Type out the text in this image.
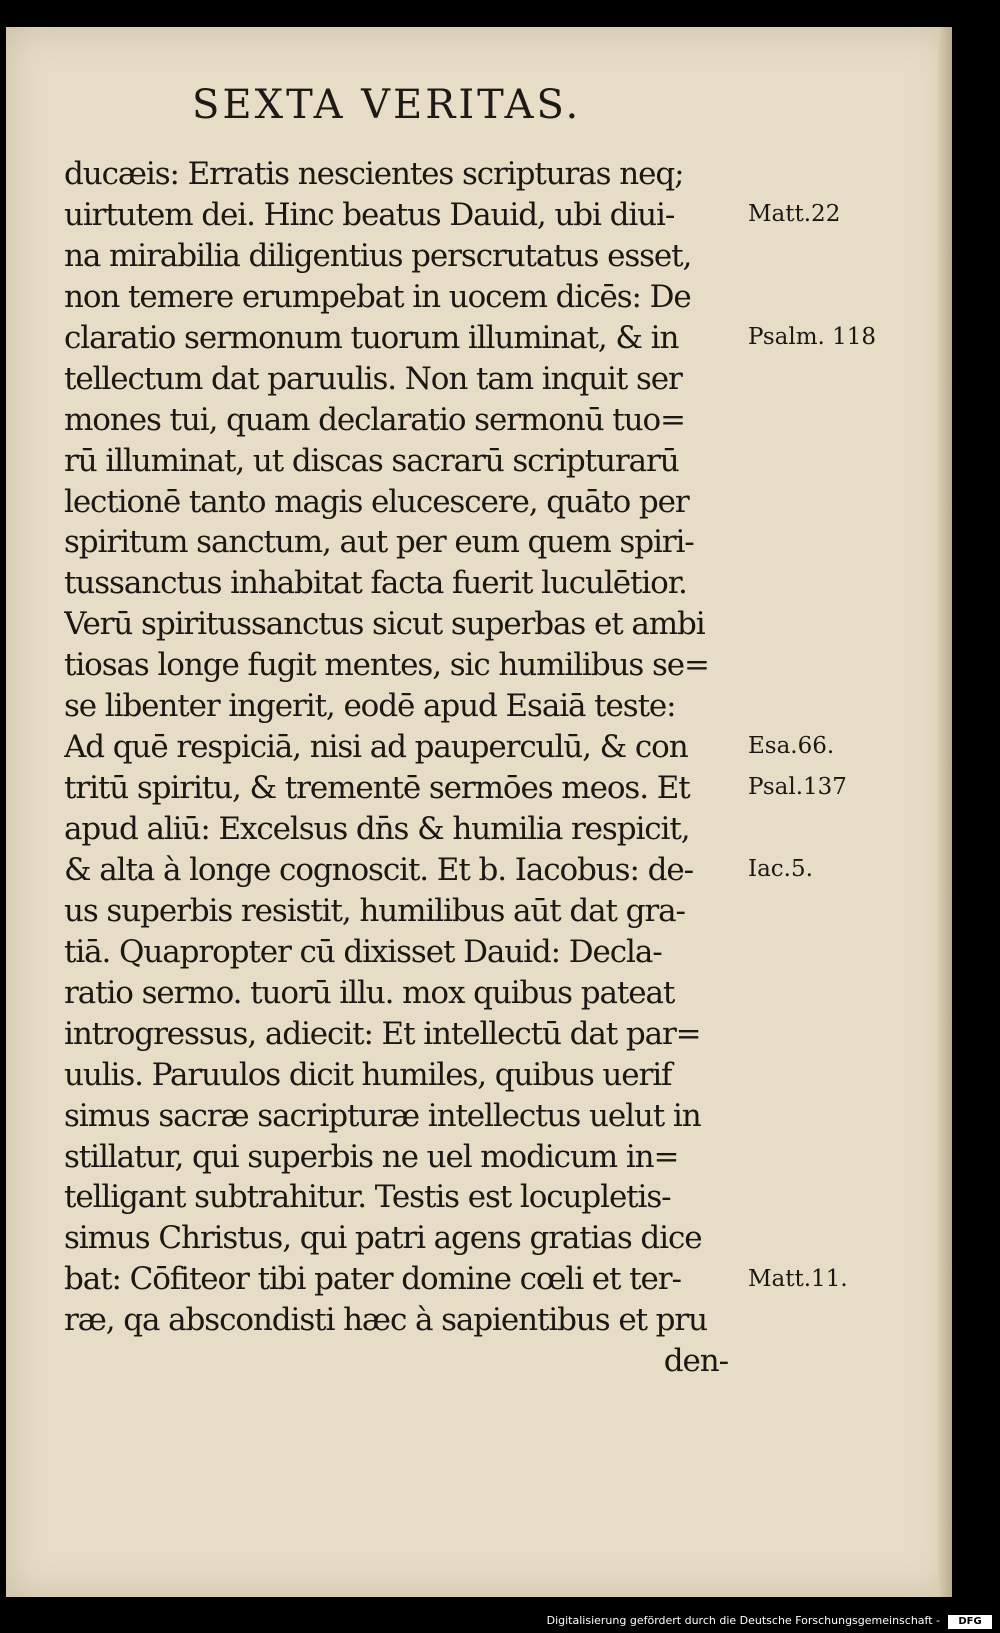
SEXTA VERITAS.
ducæis: Erratis nescientes scripturas neq;
uirtutem dei. Hinc beatus Dauid, ubi diui-
na mirabilia diligentius perscrutatus esset,
non temere erumpebat in uocem dicēs: De
claratio sermonum tuorum illuminat, & in
tellectum dat paruulis. Non tam inquit ser
mones tui, quam declaratio sermonū tuo=
rū illuminat, ut discas sacrarū scripturarū
lectionē tanto magis elucescere, quāto per
spiritum sanctum, aut per eum quem spiri-
tussanctus inhabitat facta fuerit luculētior.
Verū spiritussanctus sicut superbas et ambi
tiosas longe fugit mentes, sic humilibus se=
se libenter ingerit, eodē apud Esaiā teste:
Ad quē respiciā, nisi ad pauperculū, & con
tritū spiritu, & trementē sermōes meos. Et
apud aliū: Excelsus dn̄s & humilia respicit,
& alta à longe cognoscit. Et b. Iacobus: de-
us superbis resistit, humilibus aūt dat gra-
tiā. Quapropter cū dixisset Dauid: Decla-
ratio sermo. tuorū illu. mox quibus pateat
introgressus, adiecit: Et intellectū dat par=
uulis. Paruulos dicit humiles, quibus uerif
simus sacræ sacripturæ intellectus uelut in
stillatur, qui superbis ne uel modicum in=
telligant subtrahitur. Testis est locupletis-
simus Christus, qui patri agens gratias dice
bat: Cōfiteor tibi pater domine cœli et ter-
ræ, qa abscondisti hæc à sapientibus et pru
den-
Matt.22
Psalm. 118
Esa.66.
Psal.137
Iac.5.
Matt.11.
Digitalisierung gefördert durch die Deutsche Forschungsgemeinschaft -	DFG
